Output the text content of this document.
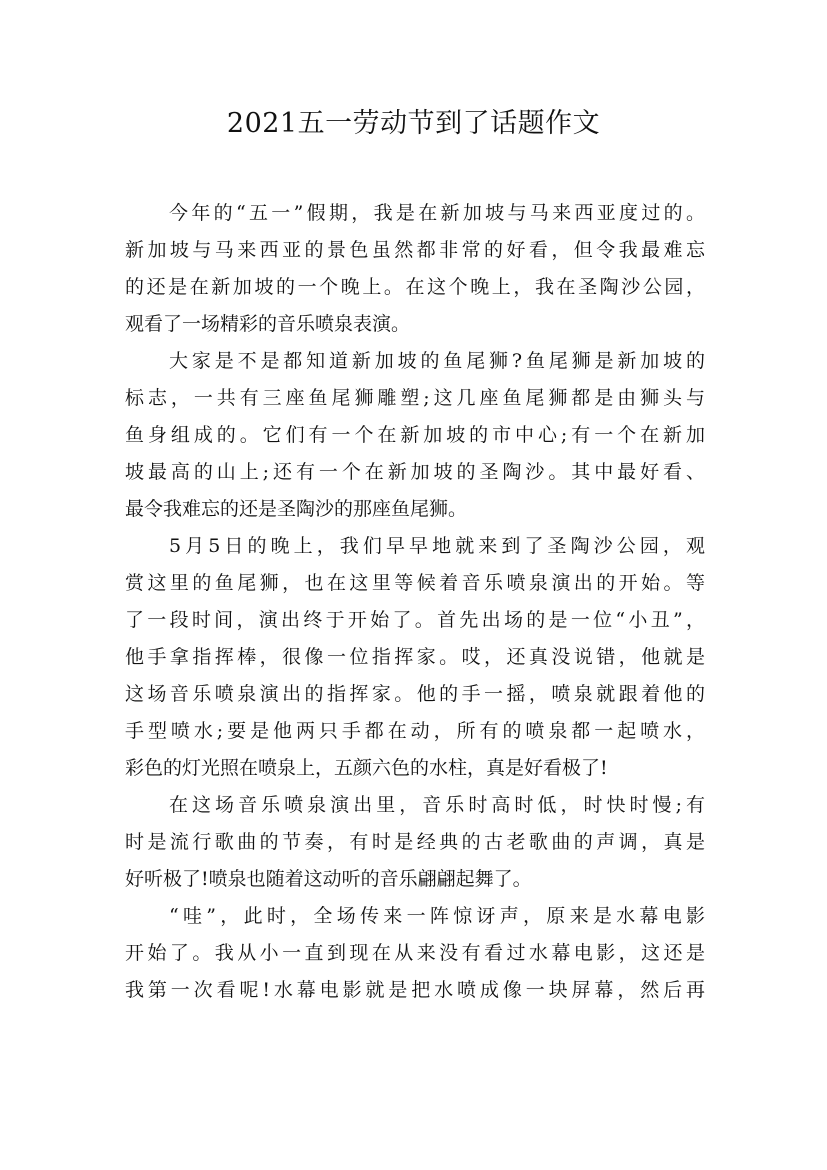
2021五一劳动节到了话题作文
今年的“五一”假期，我是在新加坡与马来西亚度过的。
新加坡与马来西亚的景色虽然都非常的好看，但令我最难忘
的还是在新加坡的一个晚上。在这个晚上，我在圣陶沙公园，
观看了一场精彩的音乐喷泉表演。
大家是不是都知道新加坡的鱼尾狮?鱼尾狮是新加坡的
标志，一共有三座鱼尾狮雕塑;这几座鱼尾狮都是由狮头与
鱼身组成的。它们有一个在新加坡的市中心;有一个在新加
坡最高的山上;还有一个在新加坡的圣陶沙。其中最好看、
最令我难忘的还是圣陶沙的那座鱼尾狮。
5月5日的晚上，我们早早地就来到了圣陶沙公园，观
赏这里的鱼尾狮，也在这里等候着音乐喷泉演出的开始。等
了一段时间，演出终于开始了。首先出场的是一位“小丑”，
他手拿指挥棒，很像一位指挥家。哎，还真没说错，他就是
这场音乐喷泉演出的指挥家。他的手一摇，喷泉就跟着他的
手型喷水;要是他两只手都在动，所有的喷泉都一起喷水，
彩色的灯光照在喷泉上，五颜六色的水柱，真是好看极了!
在这场音乐喷泉演出里，音乐时高时低，时快时慢;有
时是流行歌曲的节奏，有时是经典的古老歌曲的声调，真是
好听极了!喷泉也随着这动听的音乐翩翩起舞了。
“哇”，此时，全场传来一阵惊讶声，原来是水幕电影
开始了。我从小一直到现在从来没有看过水幕电影，这还是
我第一次看呢!水幕电影就是把水喷成像一块屏幕，然后再
